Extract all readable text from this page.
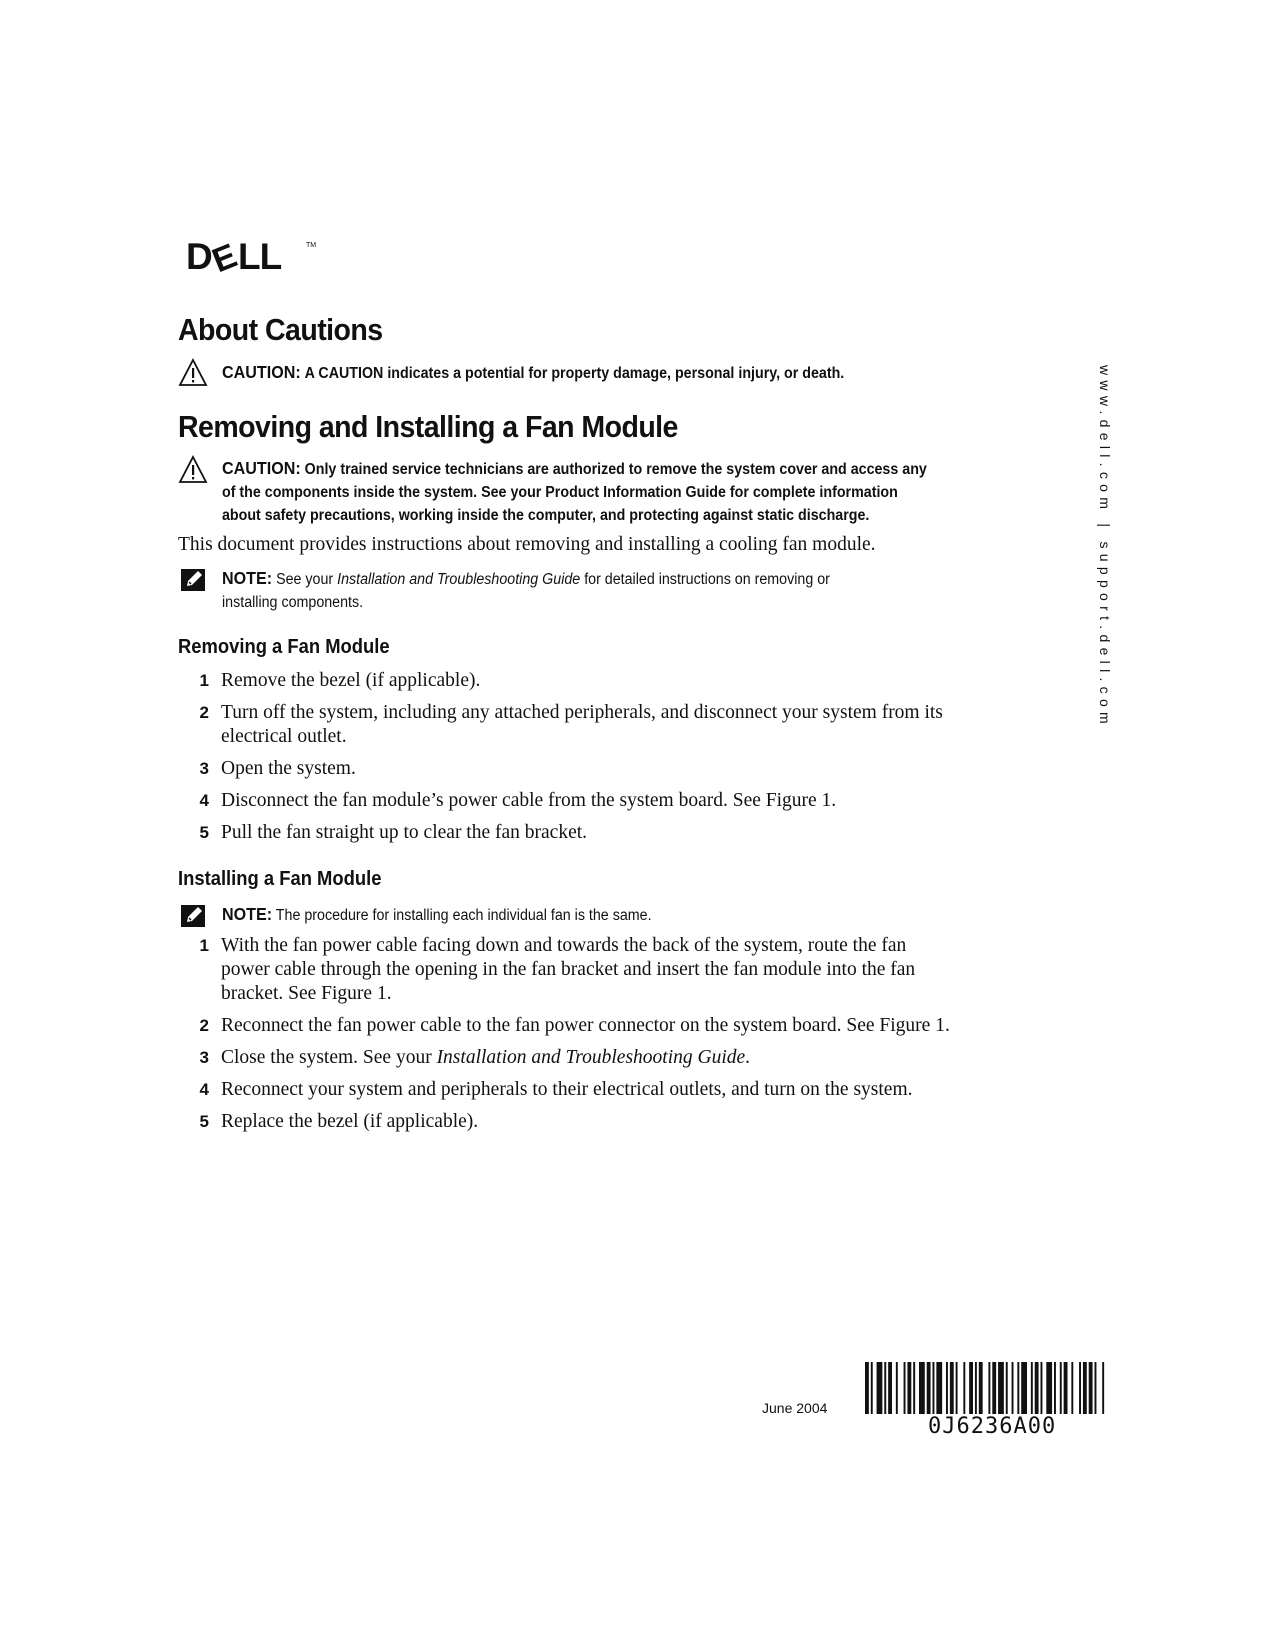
D
E
LL	TM
www.dell.com | support.dell.com
About Cautions
CAUTION: A CAUTION indicates a potential for property damage, personal injury, or death.
Removing and Installing a Fan Module
CAUTION: Only trained service technicians are authorized to remove the system cover and access any
of the components inside the system. See your Product Information Guide for complete information
about safety precautions, working inside the computer, and protecting against static discharge.
This document provides instructions about removing and installing a cooling fan module.
NOTE: See your Installation and Troubleshooting Guide for detailed instructions on removing or
installing components.
Removing a Fan Module
1 Remove the bezel (if applicable).
2 Turn off the system, including any attached peripherals, and disconnect your system from its
electrical outlet.
3 Open the system.
4 Disconnect the fan module’s power cable from the system board. See Figure 1.
5 Pull the fan straight up to clear the fan bracket.
Installing a Fan Module
NOTE: The procedure for installing each individual fan is the same.
1 With the fan power cable facing down and towards the back of the system, route the fan
power cable through the opening in the fan bracket and insert the fan module into the fan
bracket. See Figure 1.
2 Reconnect the fan power cable to the fan power connector on the system board. See Figure 1.
3 Close the system. See your Installation and Troubleshooting Guide.
4 Reconnect your system and peripherals to their electrical outlets, and turn on the system.
5 Replace the bezel (if applicable).
June 2004
0J6236A00
